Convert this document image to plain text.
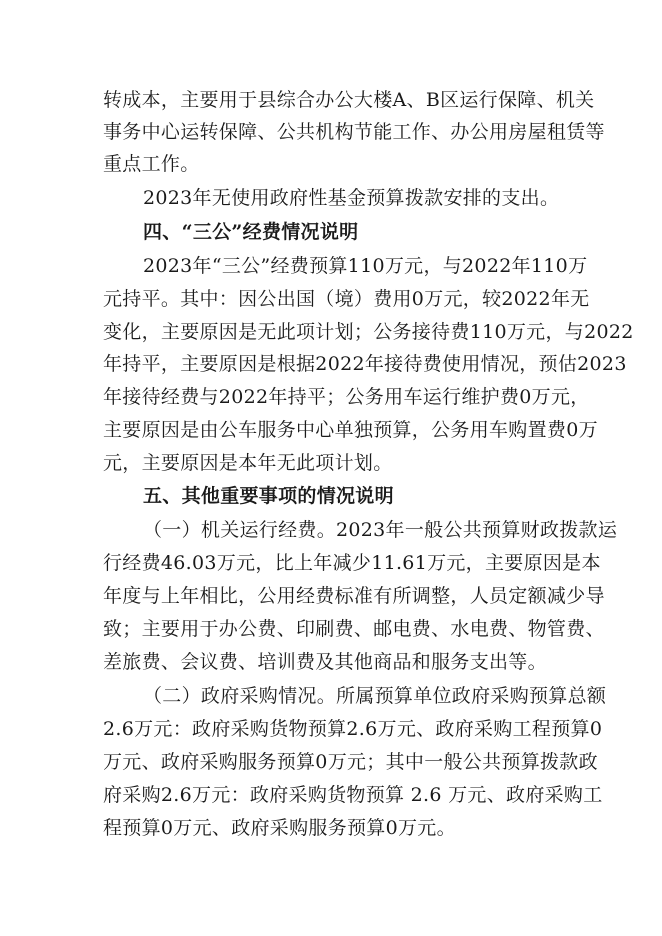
转成本，主要用于县综合办公大楼A、B区运行保障、机关
事务中心运转保障、公共机构节能工作、办公用房屋租赁等
重点工作。
2023年无使用政府性基金预算拨款安排的支出。
四、“三公”经费情况说明
2023年“三公”经费预算110万元，与2022年110万
元持平。其中：因公出国（境）费用0万元，较2022年无
变化，主要原因是无此项计划；公务接待费110万元，与2022
年持平，主要原因是根据2022年接待费使用情况，预估2023
年接待经费与2022年持平；公务用车运行维护费0万元，
主要原因是由公车服务中心单独预算，公务用车购置费0万
元，主要原因是本年无此项计划。
五、其他重要事项的情况说明
（一）机关运行经费。2023年一般公共预算财政拨款运
行经费46.03万元，比上年减少11.61万元，主要原因是本
年度与上年相比，公用经费标准有所调整，人员定额减少导
致；主要用于办公费、印刷费、邮电费、水电费、物管费、
差旅费、会议费、培训费及其他商品和服务支出等。
（二）政府采购情况。所属预算单位政府采购预算总额
2.6万元：政府采购货物预算2.6万元、政府采购工程预算0
万元、政府采购服务预算0万元；其中一般公共预算拨款政
府采购2.6万元：政府采购货物预算 2.6 万元、政府采购工
程预算0万元、政府采购服务预算0万元。
